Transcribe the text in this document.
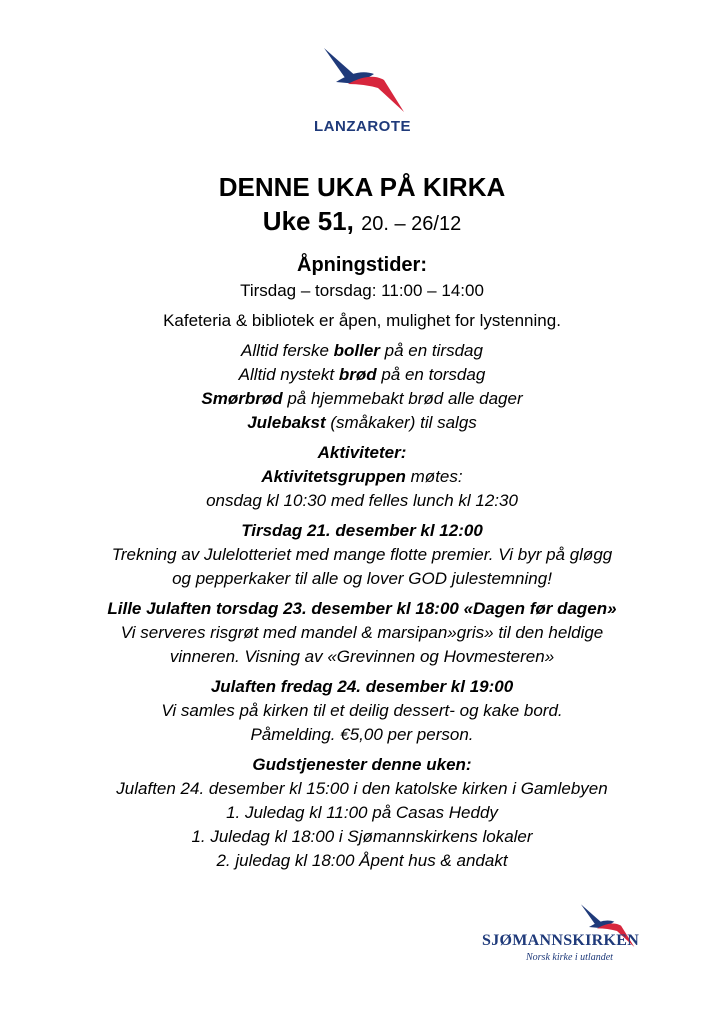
LANZAROTE
DENNE UKA PÅ KIRKA
Uke 51, 20. – 26/12
Åpningstider:
Tirsdag – torsdag: 11:00 – 14:00
Kafeteria & bibliotek er åpen, mulighet for lystenning.
Alltid ferske boller på en tirsdag
Alltid nystekt brød på en torsdag
Smørbrød på hjemmebakt brød alle dager
Julebakst (småkaker) til salgs
Aktiviteter:
Aktivitetsgruppen møtes:
onsdag kl 10:30 med felles lunch kl 12:30
Tirsdag 21. desember kl 12:00
Trekning av Julelotteriet med mange flotte premier. Vi byr på gløgg
og pepperkaker til alle og lover GOD julestemning!
Lille Julaften torsdag 23. desember kl 18:00 «Dagen før dagen»
Vi serveres risgrøt med mandel & marsipan»gris» til den heldige
vinneren. Visning av «Grevinnen og Hovmesteren»
Julaften fredag 24. desember kl 19:00
Vi samles på kirken til et deilig dessert- og kake bord.
Påmelding. €5,00 per person.
Gudstjenester denne uken:
Julaften 24. desember kl 15:00 i den katolske kirken i Gamlebyen
1. Juledag kl 11:00 på Casas Heddy
1. Juledag kl 18:00 i Sjømannskirkens lokaler
2. juledag kl 18:00 Åpent hus & andakt
SJØMANNSKIRKEN
Norsk kirke i utlandet
